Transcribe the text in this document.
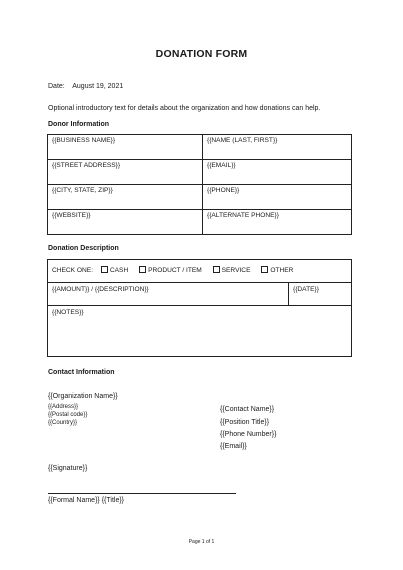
DONATION FORM
Date: August 19, 2021
Optional introductory text for details about the organization and how donations can help.
Donor Information
{{BUSINESS NAME}}	{{NAME (LAST, FIRST}}
{{STREET ADDRESS}}	{{EMAIL}}
{{CITY, STATE, ZIP}}	{{PHONE}}
{{WEBSITE}}	{{ALTERNATE PHONE}}
Donation Description
CHECK ONE:	CASH	PRODUCT / ITEM	SERVICE	OTHER
{{AMOUNT}} / {{DESCRIPTION}}	{{DATE}}
{{NOTES}}
Contact Information
{{Organization Name}}
{{Address}}
{{Postal code}}
{{Country}}
{{Contact Name}}
{{Position Title}}
{{Phone Number}}
{{Email}}
{{Signature}}
{{Formal Name}} {{Title}}
Page 1 of 1
